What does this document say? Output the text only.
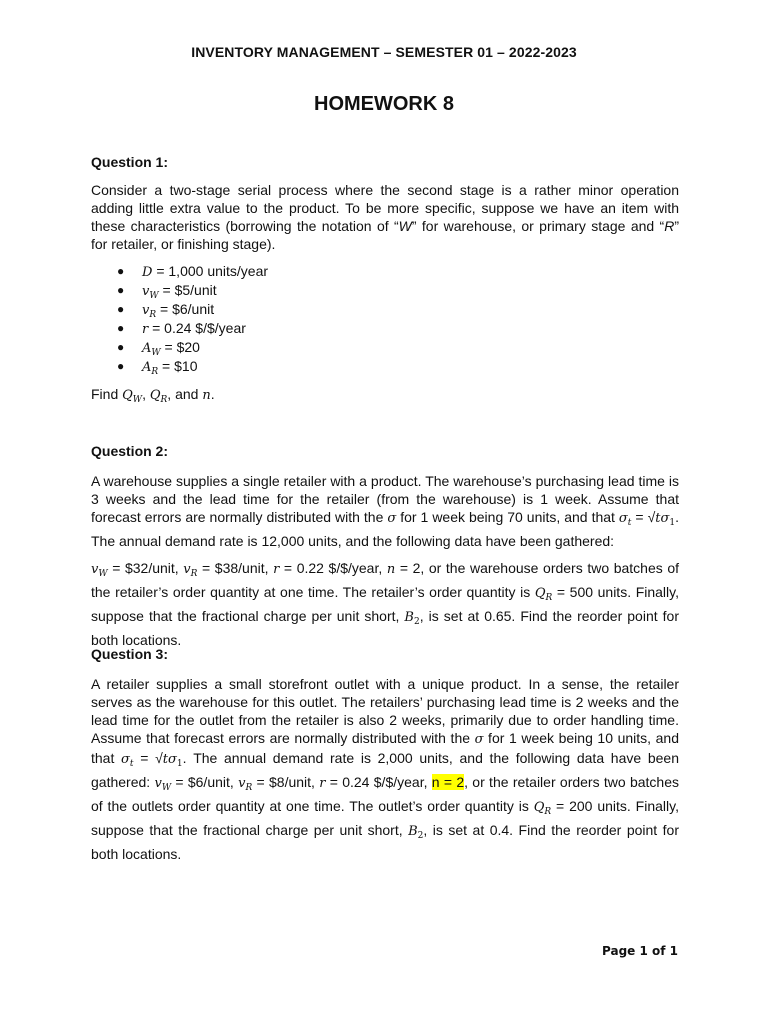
INVENTORY MANAGEMENT – SEMESTER 01 – 2022-2023
HOMEWORK 8

Question 1:

Consider a two-stage serial process where the second stage is a rather minor operation adding little extra value to the product. To be more specific, suppose we have an item with these characteristics (borrowing the notation of “W” for warehouse, or primary stage and “R” for retailer, or finishing stage).

● D = 1,000 units/year
● $v_W$ = $5/unit
● $v_R$ = $6/unit
● r = 0.24 $/$/year
● $A_W$ = $20
● $A_R$ = $10

Find $Q_W$, $Q_R$, and n.

Question 2:

A warehouse supplies a single retailer with a product. The warehouse’s purchasing lead time is 3 weeks and the lead time for the retailer (from the warehouse) is 1 week. Assume that forecast errors are normally distributed with the σ for 1 week being 70 units, and that $\sigma_t = √t\sigma_1$. The annual demand rate is 12,000 units, and the following data have been gathered:

$v_W$ = $32/unit, $v_R$ = $38/unit, r = 0.22 $/$/year, n = 2, or the warehouse orders two batches of the retailer’s order quantity at one time. The retailer’s order quantity is $Q_R = 500$ units. Finally, suppose that the fractional charge per unit short, $B_2$, is set at 0.65. Find the reorder point for both locations.

Question 3:

A retailer supplies a small storefront outlet with a unique product. In a sense, the retailer serves as the warehouse for this outlet. The retailers’ purchasing lead time is 2 weeks and the lead time for the outlet from the retailer is also 2 weeks, primarily due to order handling time. Assume that forecast errors are normally distributed with the σ for 1 week being 10 units, and that $\sigma_t = √t\sigma_1$. The annual demand rate is 2,000 units, and the following data have been gathered: $v_W$ = $6/unit, $v_R$ = $8/unit, r = 0.24 $/$/year, n = 2, or the retailer orders two batches of the outlets order quantity at one time. The outlet’s order quantity is $Q_R = 200$ units. Finally, suppose that the fractional charge per unit short, $B_2$, is set at 0.4. Find the reorder point for both locations.

Page 1 of 1
